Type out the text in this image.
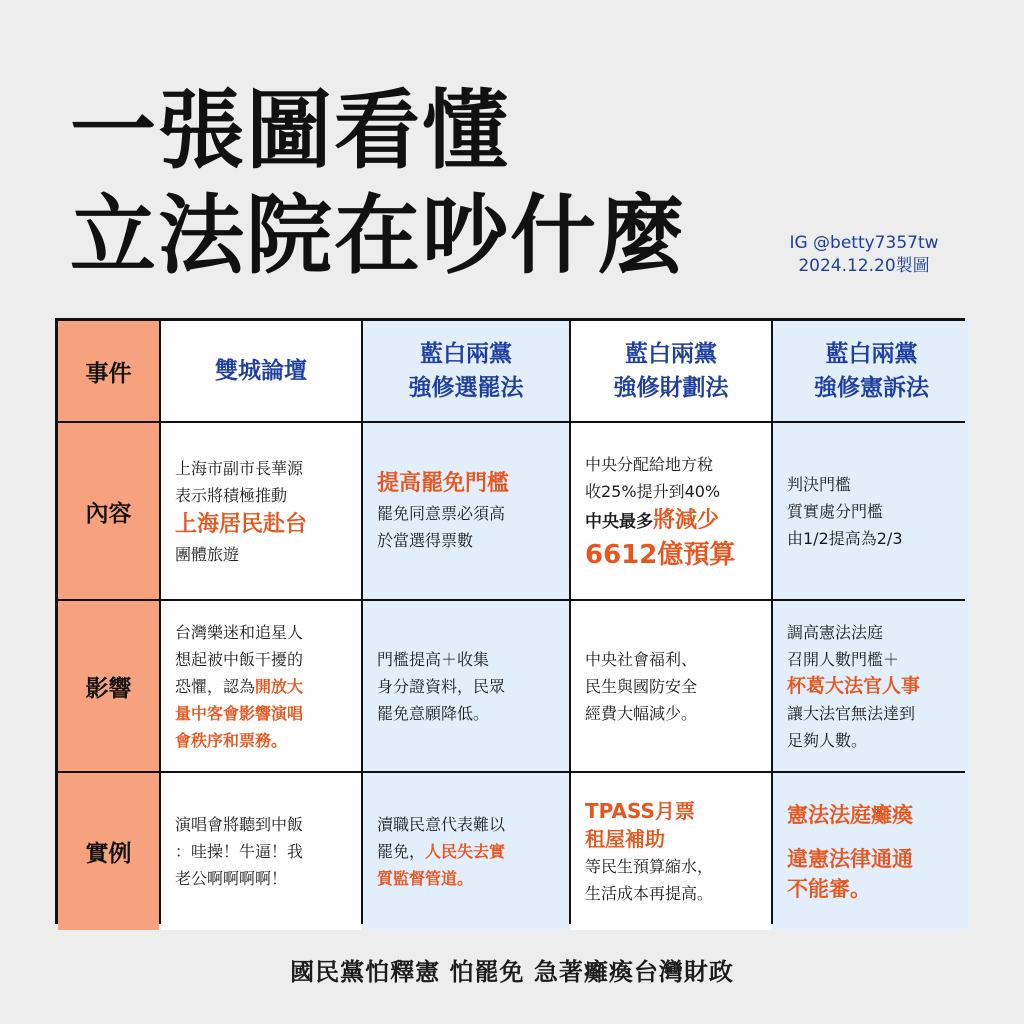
一張圖看懂
立法院在吵什麼	IG @betty7357tw
2024.12.20製圖
事件	雙城論壇
藍白兩黨
強修選罷法
藍白兩黨
強修財劃法
藍白兩黨
強修憲訴法
內容
上海市副市長華源
表示將積極推動
上海居民赴台
團體旅遊
提高罷免門檻
罷免同意票必須高
於當選得票數
中央分配給地方稅
收25%提升到40%
中央最多將減少
6612億預算
判決門檻
質實處分門檻
由1/2提高為2/3
影響
台灣樂迷和追星人
想起被中飯干擾的
恐懼，認為開放大
量中客會影響演唱
會秩序和票務。
門檻提高＋收集
身分證資料，民眾
罷免意願降低。
中央社會福利、
民生與國防安全
經費大幅減少。
調高憲法法庭
召開人數門檻＋
杯葛大法官人事
讓大法官無法達到
足夠人數。
實例
演唱會將聽到中飯
：哇操！牛逼！我
老公啊啊啊啊！
瀆職民意代表難以
罷免，人民失去實
質監督管道。
TPASS月票
租屋補助
等民生預算縮水，
生活成本再提高。
憲法法庭癱瘓
違憲法律通通
不能審。
國民黨怕釋憲 怕罷免 急著癱瘓台灣財政
